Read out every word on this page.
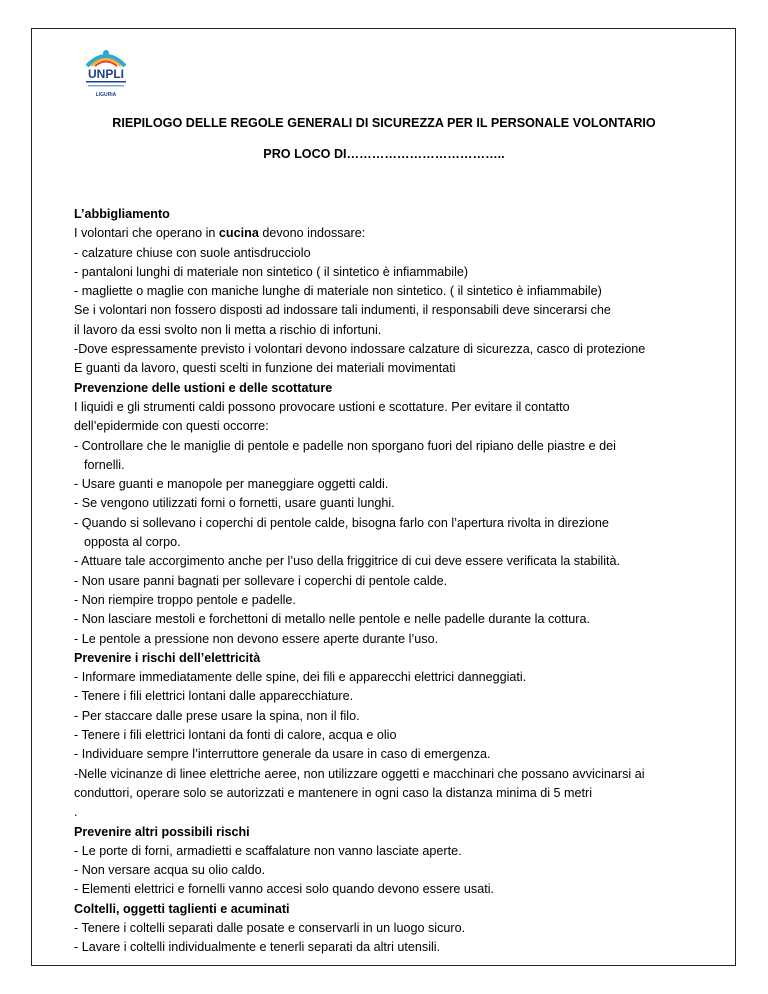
UNPLI
LIGURIA
RIEPILOGO DELLE REGOLE GENERALI DI SICUREZZA PER IL PERSONALE VOLONTARIO
PRO LOCO DI………………………………..
L’abbigliamento
I volontari che operano in cucina devono indossare:
- calzature chiuse con suole antisdrucciolo
- pantaloni lunghi di materiale non sintetico ( il sintetico è infiammabile)
- magliette o maglie con maniche lunghe di materiale non sintetico. ( il sintetico è infiammabile)
Se i volontari non fossero disposti ad indossare tali indumenti, il responsabili deve sincerarsi che
il lavoro da essi svolto non li metta a rischio di infortuni.
-Dove espressamente previsto i volontari devono indossare calzature di sicurezza, casco di protezione
E guanti da lavoro, questi scelti in funzione dei materiali movimentati
Prevenzione delle ustioni e delle scottature
I liquidi e gli strumenti caldi possono provocare ustioni e scottature. Per evitare il contatto
dell’epidermide con questi occorre:
- Controllare che le maniglie di pentole e padelle non sporgano fuori del ripiano delle piastre e dei
fornelli.
- Usare guanti e manopole per maneggiare oggetti caldi.
- Se vengono utilizzati forni o fornetti, usare guanti lunghi.
- Quando si sollevano i coperchi di pentole calde, bisogna farlo con l’apertura rivolta in direzione
opposta al corpo.
- Attuare tale accorgimento anche per l’uso della friggitrice di cui deve essere verificata la stabilità.
- Non usare panni bagnati per sollevare i coperchi di pentole calde.
- Non riempire troppo pentole e padelle.
- Non lasciare mestoli e forchettoni di metallo nelle pentole e nelle padelle durante la cottura.
- Le pentole a pressione non devono essere aperte durante l’uso.
Prevenire i rischi dell’elettricità
- Informare immediatamente delle spine, dei fili e apparecchi elettrici danneggiati.
- Tenere i fili elettrici lontani dalle apparecchiature.
- Per staccare dalle prese usare la spina, non il filo.
- Tenere i fili elettrici lontani da fonti di calore, acqua e olio
- Individuare sempre l’interruttore generale da usare in caso di emergenza.
-Nelle vicinanze di linee elettriche aeree, non utilizzare oggetti e macchinari che possano avvicinarsi ai
conduttori, operare solo se autorizzati e mantenere in ogni caso la distanza minima di 5 metri
.
Prevenire altri possibili rischi
- Le porte di forni, armadietti e scaffalature non vanno lasciate aperte.
- Non versare acqua su olio caldo.
- Elementi elettrici e fornelli vanno accesi solo quando devono essere usati.
Coltelli, oggetti taglienti e acuminati
- Tenere i coltelli separati dalle posate e conservarli in un luogo sicuro.
- Lavare i coltelli individualmente e tenerli separati da altri utensili.
